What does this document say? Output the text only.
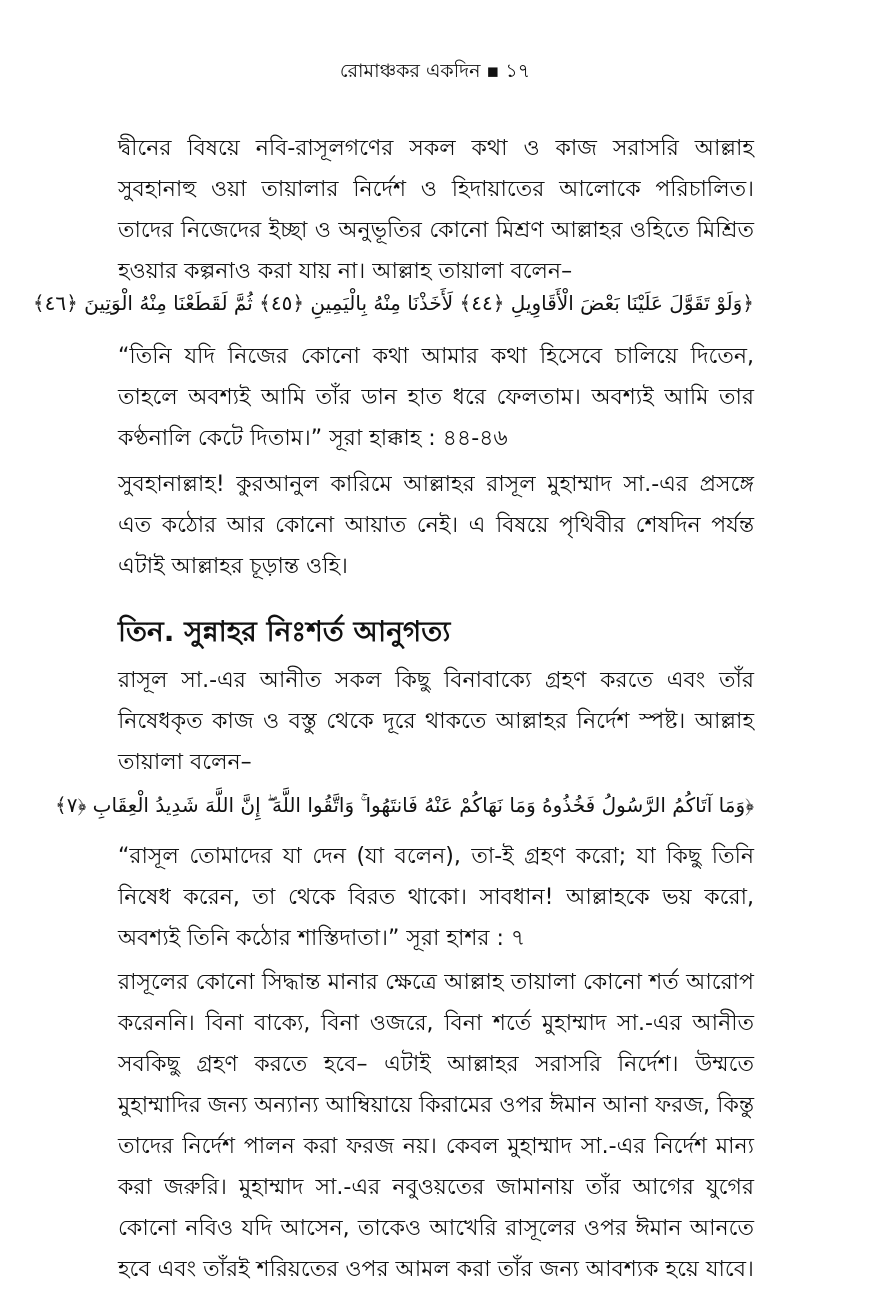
রোমাঞ্চকর একদিন ▪ ১৭

দ্বীনের বিষয়ে নবি-রাসূলগণের সকল কথা ও কাজ সরাসরি আল্লাহ সুবহানাহু ওয়া তায়ালার নির্দেশ ও হিদায়াতের আলোকে পরিচালিত। তাদের নিজেদের ইচ্ছা ও অনুভূতির কোনো মিশ্রণ আল্লাহর ওহিতে মিশ্রিত হওয়ার কল্পনাও করা যায় না। আল্লাহ তায়ালা বলেন–

﴿وَلَوْ تَقَوَّلَ عَلَيْنَا بَعْضَ الْأَقَاوِيلِ ﴿٤٤﴾ لَأَخَذْنَا مِنْهُ بِالْيَمِينِ ﴿٤٥﴾ ثُمَّ لَقَطَعْنَا مِنْهُ الْوَتِينَ ﴿٤٦﴾

“তিনি যদি নিজের কোনো কথা আমার কথা হিসেবে চালিয়ে দিতেন, তাহলে অবশ্যই আমি তাঁর ডান হাত ধরে ফেলতাম। অবশ্যই আমি তার কণ্ঠনালি কেটে দিতাম।” সূরা হাক্কাহ : ৪৪-৪৬

সুবহানাল্লাহ! কুরআনুল কারিমে আল্লাহর রাসূল মুহাম্মাদ সা.-এর প্রসঙ্গে এত কঠোর আর কোনো আয়াত নেই। এ বিষয়ে পৃথিবীর শেষদিন পর্যন্ত এটাই আল্লাহর চূড়ান্ত ওহি।

তিন. সুন্নাহর নিঃশর্ত আনুগত্য

রাসূল সা.-এর আনীত সকল কিছু বিনাবাক্যে গ্রহণ করতে এবং তাঁর নিষেধকৃত কাজ ও বস্তু থেকে দূরে থাকতে আল্লাহর নির্দেশ স্পষ্ট। আল্লাহ তায়ালা বলেন–

﴿وَمَا آتَاكُمُ الرَّسُولُ فَخُذُوهُ وَمَا نَهَاكُمْ عَنْهُ فَانتَهُوا ۚ وَاتَّقُوا اللَّهَ ۖ إِنَّ اللَّهَ شَدِيدُ الْعِقَابِ ﴿٧﴾

“রাসূল তোমাদের যা দেন (যা বলেন), তা-ই গ্রহণ করো; যা কিছু তিনি নিষেধ করেন, তা থেকে বিরত থাকো। সাবধান! আল্লাহকে ভয় করো, অবশ্যই তিনি কঠোর শাস্তিদাতা।” সূরা হাশর : ৭

রাসূলের কোনো সিদ্ধান্ত মানার ক্ষেত্রে আল্লাহ তায়ালা কোনো শর্ত আরোপ করেননি। বিনা বাক্যে, বিনা ওজরে, বিনা শর্তে মুহাম্মাদ সা.-এর আনীত সবকিছু গ্রহণ করতে হবে– এটাই আল্লাহর সরাসরি নির্দেশ। উম্মতে মুহাম্মাদির জন্য অন্যান্য আম্বিয়ায়ে কিরামের ওপর ঈমান আনা ফরজ, কিন্তু তাদের নির্দেশ পালন করা ফরজ নয়। কেবল মুহাম্মাদ সা.-এর নির্দেশ মান্য করা জরুরি। মুহাম্মাদ সা.-এর নবুওয়তের জামানায় তাঁর আগের যুগের কোনো নবিও যদি আসেন, তাকেও আখেরি রাসূলের ওপর ঈমান আনতে হবে এবং তাঁরই শরিয়তের ওপর আমল করা তাঁর জন্য আবশ্যক হয়ে যাবে।
